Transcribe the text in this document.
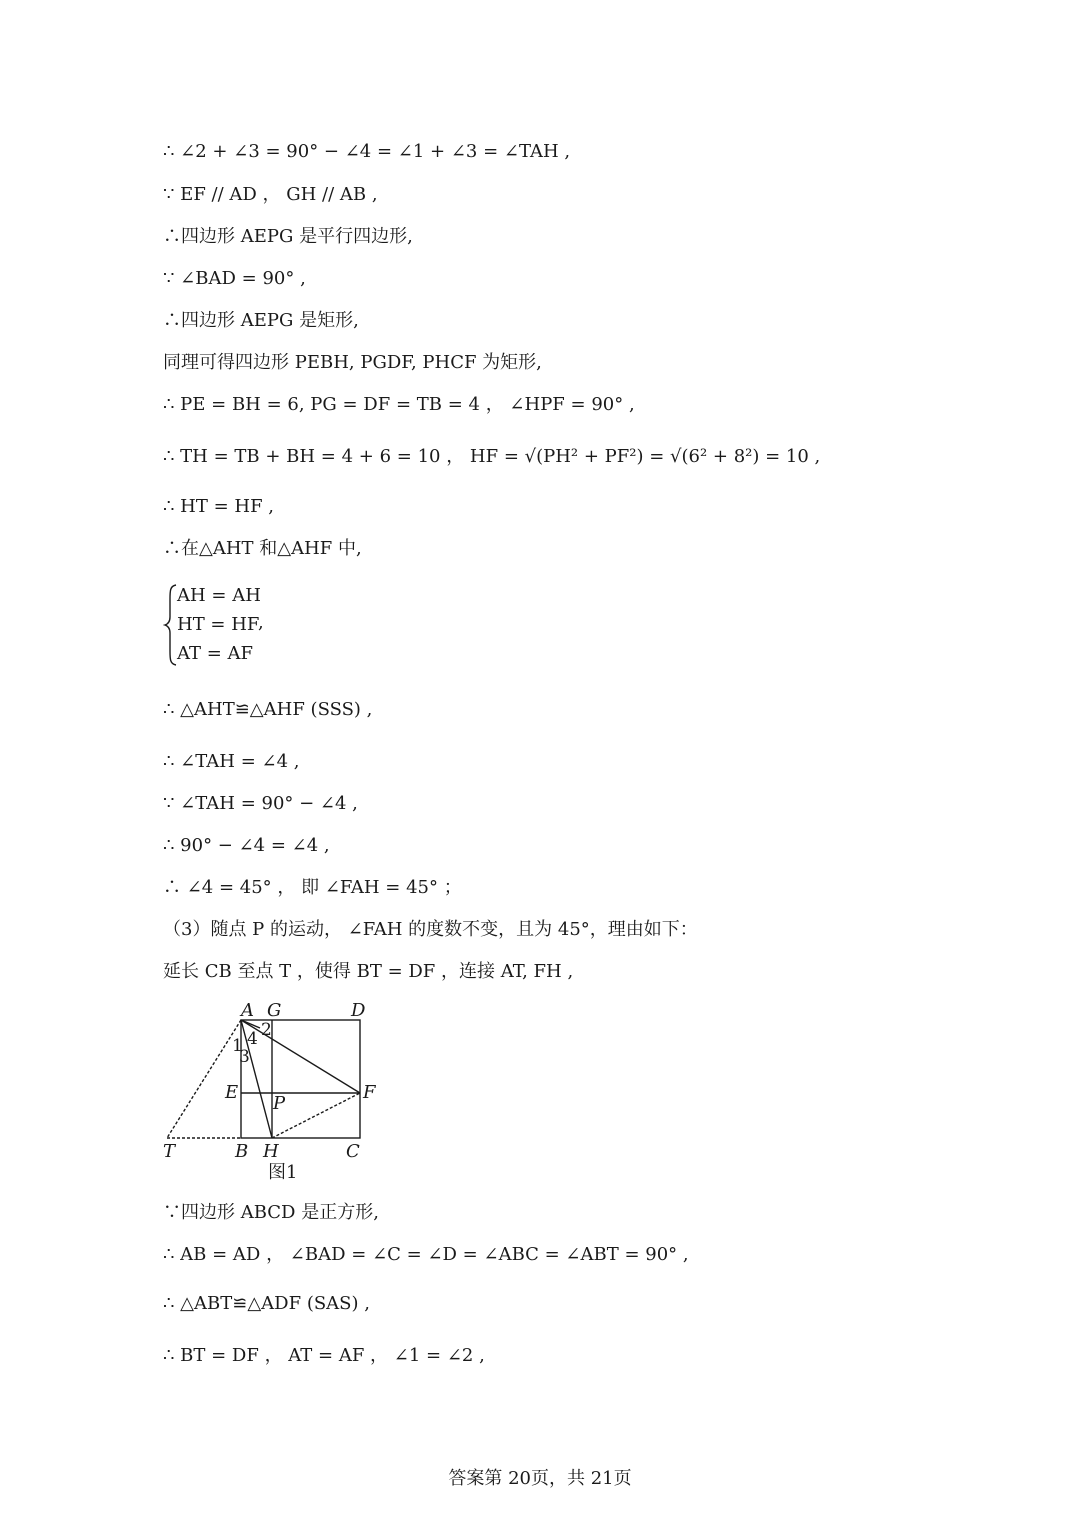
∴ ∠2 + ∠3 = 90° − ∠4 = ∠1 + ∠3 = ∠TAH ,
∵ EF // AD ， GH // AB ,
∴四边形 AEPG 是平行四边形,
∵ ∠BAD = 90° ,
∴四边形 AEPG 是矩形,
同理可得四边形 PEBH, PGDF, PHCF 为矩形,
∴ PE = BH = 6, PG = DF = TB = 4 ， ∠HPF = 90° ,
∴ TH = TB + BH = 4 + 6 = 10 ， HF = √(PH² + PF²) = √(6² + 8²) = 10 ,
∴ HT = HF ,
∴在△AHT 和△AHF 中,
AH = AH
HT = HF
AT = AF
,
∴ △AHT≌△AHF (SSS) ,
∴ ∠TAH = ∠4 ,
∵ ∠TAH = 90° − ∠4 ,
∴ 90° − ∠4 = ∠4 ,
∴ ∠4 = 45° ， 即 ∠FAH = 45° ；
（3）随点 P 的运动， ∠FAH 的度数不变，且为 45°，理由如下：
延长 CB 至点 T ，使得 BT = DF ，连接 AT, FH ,
A G	D
E
P
F
T	B H	C
1
2
3
4
图1
∵四边形 ABCD 是正方形,
∴ AB = AD ， ∠BAD = ∠C = ∠D = ∠ABC = ∠ABT = 90° ,
∴ △ABT≌△ADF (SAS) ,
∴ BT = DF ， AT = AF ， ∠1 = ∠2 ,
答案第 20页，共 21页
